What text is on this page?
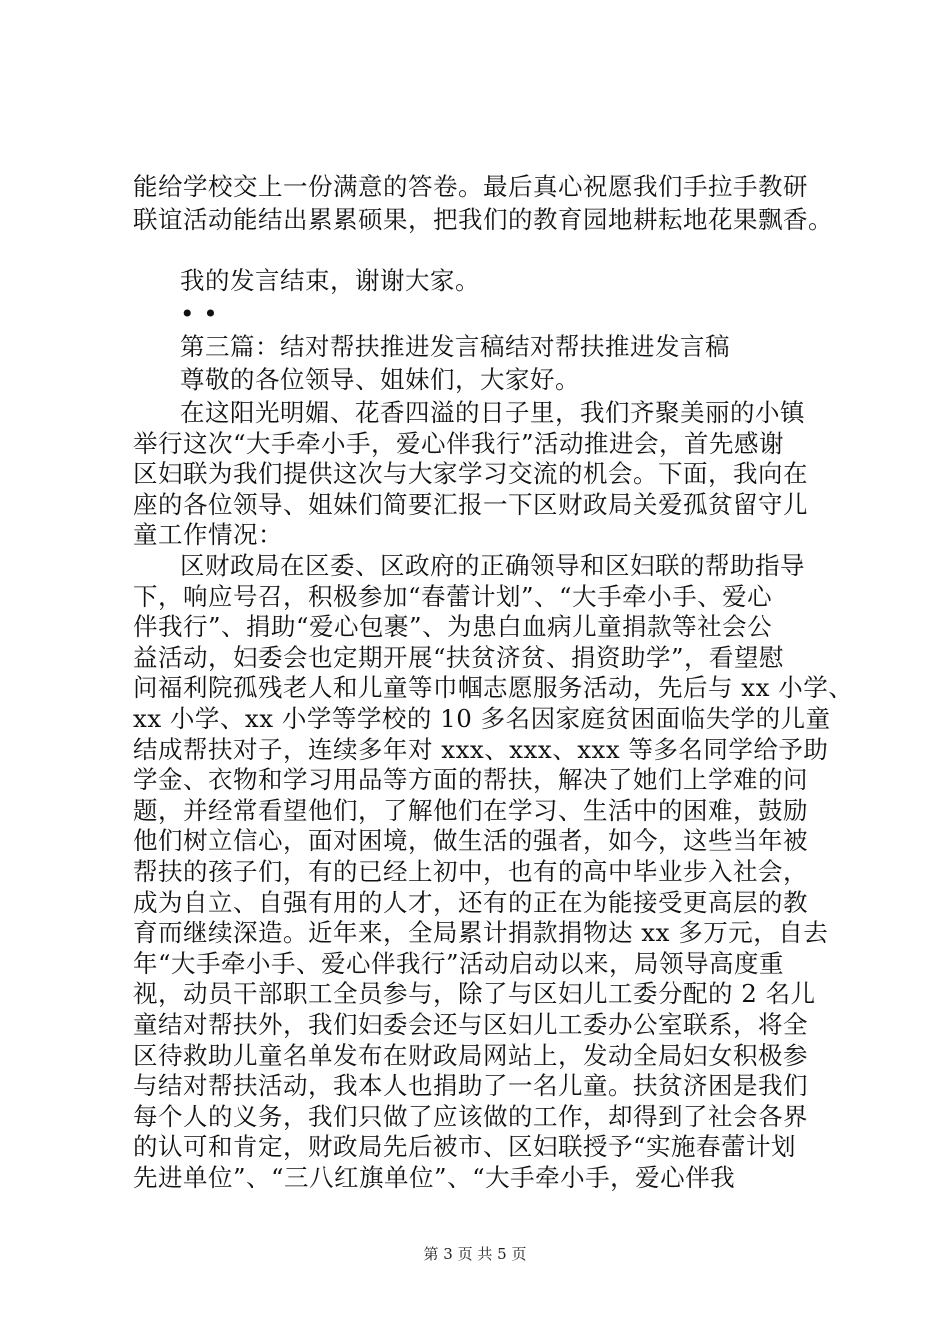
能给学校交上一份满意的答卷。最后真心祝愿我们手拉手教研
联谊活动能结出累累硕果，把我们的教育园地耕耘地花果飘香。
我的发言结束，谢谢大家。
• •
第三篇：结对帮扶推进发言稿结对帮扶推进发言稿
尊敬的各位领导、姐妹们，大家好。
在这阳光明媚、花香四溢的日子里，我们齐聚美丽的小镇
举行这次“大手牵小手，爱心伴我行”活动推进会，首先感谢
区妇联为我们提供这次与大家学习交流的机会。下面，我向在
座的各位领导、姐妹们简要汇报一下区财政局关爱孤贫留守儿
童工作情况：
区财政局在区委、区政府的正确领导和区妇联的帮助指导
下，响应号召，积极参加“春蕾计划”、“大手牵小手、爱心
伴我行”、捐助“爱心包裹”、为患白血病儿童捐款等社会公
益活动，妇委会也定期开展“扶贫济贫、捐资助学”，看望慰
问福利院孤残老人和儿童等巾帼志愿服务活动，先后与 xx 小学、
xx 小学、xx 小学等学校的 10 多名因家庭贫困面临失学的儿童
结成帮扶对子，连续多年对 xxx、xxx、xxx 等多名同学给予助
学金、衣物和学习用品等方面的帮扶，解决了她们上学难的问
题，并经常看望他们，了解他们在学习、生活中的困难，鼓励
他们树立信心，面对困境，做生活的强者，如今，这些当年被
帮扶的孩子们，有的已经上初中，也有的高中毕业步入社会，
成为自立、自强有用的人才，还有的正在为能接受更高层的教
育而继续深造。近年来，全局累计捐款捐物达 xx 多万元，自去
年“大手牵小手、爱心伴我行”活动启动以来，局领导高度重
视，动员干部职工全员参与，除了与区妇儿工委分配的 2 名儿
童结对帮扶外，我们妇委会还与区妇儿工委办公室联系，将全
区待救助儿童名单发布在财政局网站上，发动全局妇女积极参
与结对帮扶活动，我本人也捐助了一名儿童。扶贫济困是我们
每个人的义务，我们只做了应该做的工作，却得到了社会各界
的认可和肯定，财政局先后被市、区妇联授予“实施春蕾计划
第 3 页 共 5 页
先进单位”、“三八红旗单位”、“大手牵小手，爱心伴我
